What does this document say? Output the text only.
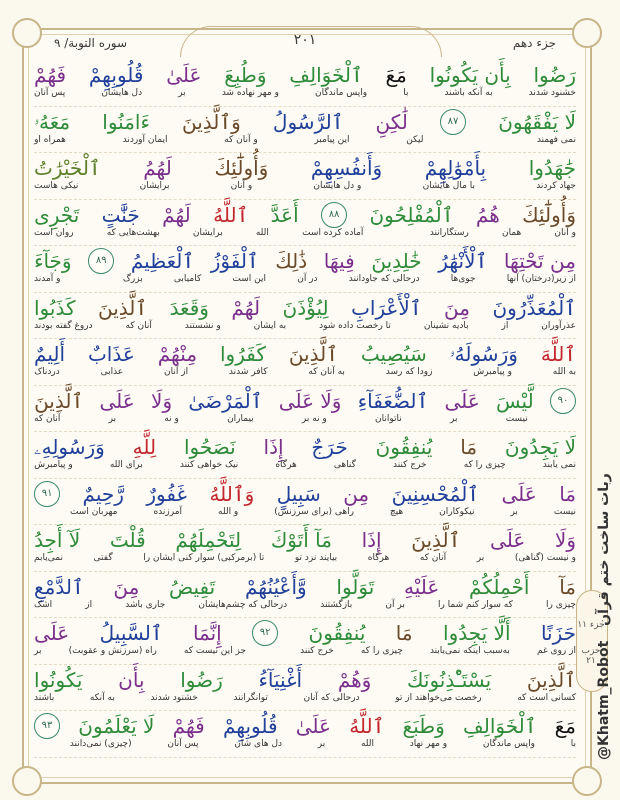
جزء دهم
۲۰۱
سوره التوبة/ ۹
رَضُوا
بِأَن يَكُونُوا
مَعَ
ٱلْخَوَالِفِ
وَطُبِعَ
عَلَىٰ
قُلُوبِهِمْ
فَهُمْ
خشنود شدند
به آنکه باشند
با
واپس ماندگان
و مهر نهاده شد
بر
دل هایشان
پس آنان
لَا يَفْقَهُونَ
۸۷
لَٰكِنِ
ٱلرَّسُولُ
وَٱلَّذِينَ
ءَامَنُوا
مَعَهُۥ
نمی فهمند
لیکن
این پیامبر
و آنان که
ایمان آوردند
همراه او
جَٰهَدُوا
بِأَمْوَٰلِهِمْ
وَأَنفُسِهِمْ
وَأُولَٰٓئِكَ
لَهُمُ
ٱلْخَيْرَٰتُ
جهاد کردند
با مال هایشان
و دل هایشان
و آنان
برایشان
نیکی هاست
وَأُولَٰٓئِكَ
هُمُ
ٱلْمُفْلِحُونَ
۸۸
أَعَدَّ
ٱللَّهُ
لَهُمْ
جَنَّٰتٍ
تَجْرِى
و آنان
همان
رستگارانند
آماده کرده است
الله
برایشان
بهشت‌هایی که
روان است
مِن تَحْتِهَا
ٱلْأَنْهَٰرُ
خَٰلِدِينَ
فِيهَا
ذَٰلِكَ
ٱلْفَوْزُ
ٱلْعَظِيمُ
۸۹
وَجَآءَ
از زیر(درختان) آنها
جوی‌ها
درحالی که جاودانند
در آن
این است
کامیابی
بزرگ
و آمدند
ٱلْمُعَذِّرُونَ
مِنَ
ٱلْأَعْرَابِ
لِيُؤْذَنَ
لَهُمْ
وَقَعَدَ
ٱلَّذِينَ
كَذَبُوا
عذرآوران
از
بادیه نشینان
تا رخصت داده شود
به ایشان
و نشستند
آنان که
دروغ گفته بودند
ٱللَّهَ
وَرَسُولَهُۥ
سَيُصِيبُ
ٱلَّذِينَ
كَفَرُوا
مِنْهُمْ
عَذَابٌ
أَلِيمٌ
به الله
و پیامبرش
زودا که رسد
به آنان که
کافر شدند
از آنان
عذابی
دردناک
۹۰
لَّيْسَ
عَلَى
ٱلضُّعَفَآءِ
وَلَا عَلَى
ٱلْمَرْضَىٰ
وَلَا
عَلَى
ٱلَّذِينَ
نیست
بر
ناتوانان
و نه بر
بیماران
و نه
بر
آنان که
لَا يَجِدُونَ
مَا
يُنفِقُونَ
حَرَجٌ
إِذَا
نَصَحُوا
لِلَّهِ
وَرَسُولِهِۦ
نمی یابند
چیزی را که
خرج کنند
گناهی
هرگاه
نیک خواهی کنند
برای الله
و پیامبرش
مَا
عَلَى
ٱلْمُحْسِنِينَ
مِن
سَبِيلٍ
وَٱللَّهُ
غَفُورٌ
رَّحِيمٌ
۹۱
نیست
بر
نیکوکاران
هیچ
راهی (برای سرزنش)
و الله
آمرزنده
مهربان است
وَلَا
عَلَى
ٱلَّذِينَ
إِذَا
مَآ أَتَوْكَ
لِتَحْمِلَهُمْ
قُلْتَ
لَآ أَجِدُ
و نیست (گناهی)
بر
آنان که
هرگاه
بیایند نزد تو
تا (برمرکبی) سوار کنی ایشان را
گفتی
نمی‌یابم
مَآ
أَحْمِلُكُمْ
عَلَيْهِ
تَوَلَّوا
وَّأَعْيُنُهُمْ
تَفِيضُ
مِنَ
ٱلدَّمْعِ
چیزی را
که سوار کنم شما را
بر آن
بازگشتند
درحالی که چشم‌هایشان
جاری باشد
از
اشک
حَزَنًا
أَلَّا يَجِدُوا
مَا
يُنفِقُونَ
۹۲
إِنَّمَا
ٱلسَّبِيلُ
عَلَى
از روی غم
به‌سبب اینکه نمی‌یابند
چیزی را که
خرج کنند
جز این نیست که
راه (سرزنش و عقوبت)
بر
ٱلَّذِينَ
يَسْتَـْٔذِنُونَكَ
وَهُمْ
أَغْنِيَآءُ
رَضُوا
بِأَن
يَكُونُوا
کسانی است که
رخصت می‌خواهند از تو
درحالی که آنان
توانگرانند
خشنود شدند
به آنکه
باشند
مَعَ
ٱلْخَوَالِفِ
وَطَبَعَ
ٱللَّهُ
عَلَىٰ
قُلُوبِهِمْ
فَهُمْ
لَا يَعْلَمُونَ
۹۳
با
واپس ماندگان
و مهر نهاد
الله
بر
دل های شان
پس آنان
(چیزی) نمی‌دانند
جزء ۱۱
حزب ۲۱ @Khatm_Robot ربات ساخت ختم قرآن
